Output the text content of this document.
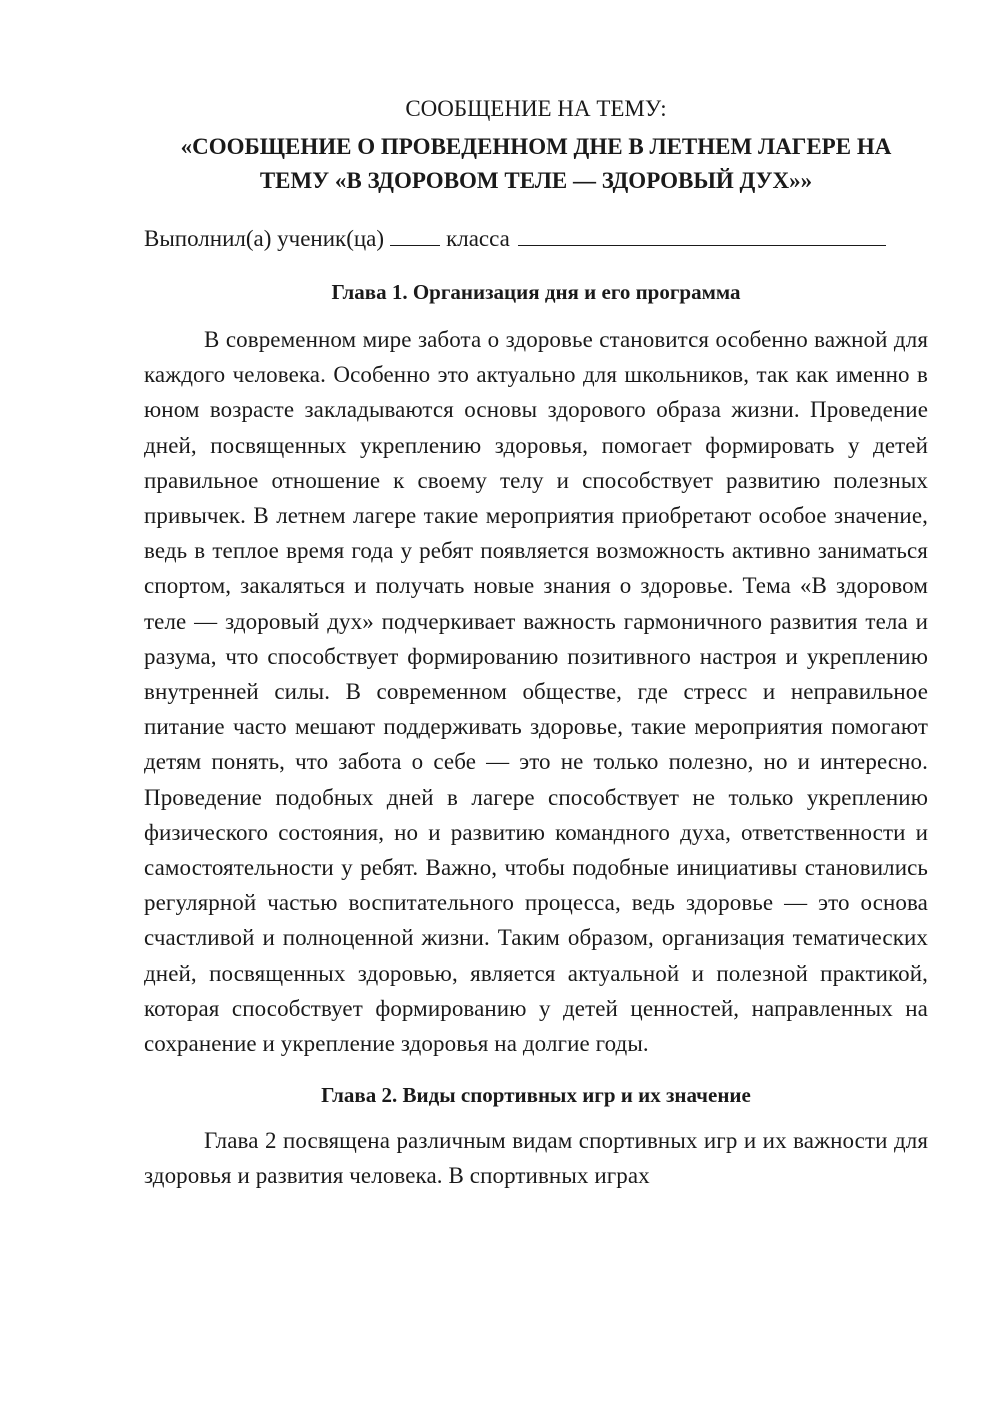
СООБЩЕНИЕ НА ТЕМУ:

«СООБЩЕНИЕ О ПРОВЕДЕННОМ ДНЕ В ЛЕТНЕМ ЛАГЕРЕ НА ТЕМУ «В ЗДОРОВОМ ТЕЛЕ — ЗДОРОВЫЙ ДУХ»»

Выполнил(а) ученик(ца)	класса

Глава 1. Организация дня и его программа

В современном мире забота о здоровье становится особенно важной для каждого человека. Особенно это актуально для школьников, так как именно в юном возрасте закладываются основы здорового образа жизни. Проведение дней, посвященных укреплению здоровья, помогает формировать у детей правильное отношение к своему телу и способствует развитию полезных привычек. В летнем лагере такие мероприятия приобретают особое значение, ведь в теплое время года у ребят появляется возможность активно заниматься спортом, закаляться и получать новые знания о здоровье. Тема «В здоровом теле — здоровый дух» подчеркивает важность гармоничного развития тела и разума, что способствует формированию позитивного настроя и укреплению внутренней силы. В современном обществе, где стресс и неправильное питание часто мешают поддерживать здоровье, такие мероприятия помогают детям понять, что забота о себе — это не только полезно, но и интересно. Проведение подобных дней в лагере способствует не только укреплению физического состояния, но и развитию командного духа, ответственности и самостоятельности у ребят. Важно, чтобы подобные инициативы становились регулярной частью воспитательного процесса, ведь здоровье — это основа счастливой и полноценной жизни. Таким образом, организация тематических дней, посвященных здоровью, является актуальной и полезной практикой, которая способствует формированию у детей ценностей, направленных на сохранение и укрепление здоровья на долгие годы.

Глава 2. Виды спортивных игр и их значение

Глава 2 посвящена различным видам спортивных игр и их важности для здоровья и развития человека. В спортивных играх
